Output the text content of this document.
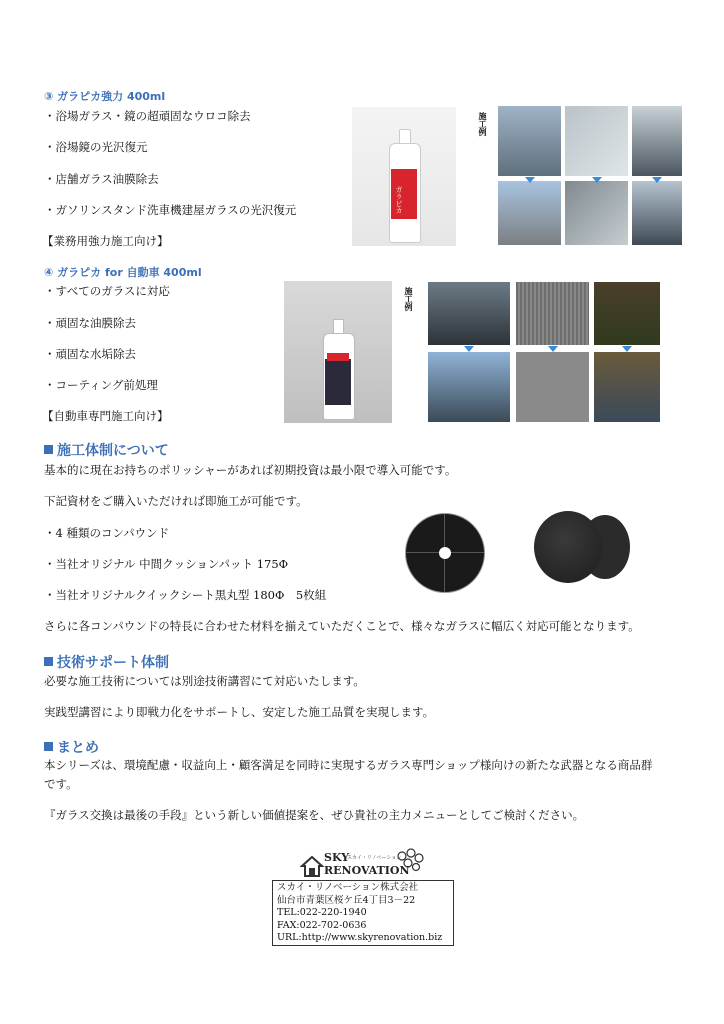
③ ガラピカ強力 400ml
・浴場ガラス・鏡の超頑固なウロコ除去
・浴場鏡の光沢復元
・店舗ガラス油膜除去
・ガソリンスタンド洗車機建屋ガラスの光沢復元
【業務用強力施工向け】
ガラピカ
施工例
④ ガラピカ for 自動車 400ml
・すべてのガラスに対応
・頑固な油膜除去
・頑固な水垢除去
・コーティング前処理
【自動車専門施工向け】
施工例
施工体制について
基本的に現在お持ちのポリッシャーがあれば初期投資は最小限で導入可能です。
下記資材をご購入いただければ即施工が可能です。
・4 種類のコンパウンド
・当社オリジナル 中間クッションパット 175Φ
・当社オリジナルクイックシート黒丸型 180Φ　5枚組
さらに各コンパウンドの特長に合わせた材料を揃えていただくことで、様々なガラスに幅広く対応可能となります。
技術サポート体制
必要な施工技術については別途技術講習にて対応いたします。
実践型講習により即戦力化をサポートし、安定した施工品質を実現します。
まとめ
本シリーズは、環境配慮・収益向上・顧客満足を同時に実現するガラス専門ショップ様向けの新たな武器となる商品群
です。
『ガラス交換は最後の手段』という新しい価値提案を、ぜひ貴社の主力メニューとしてご検討ください。
SKY
RENOVATION
スカイ・リノベーション
スカイ・リノベーション株式会社
仙台市青葉区桜ケ丘4丁目3－22
TEL:022-220-1940
FAX:022-702-0636
URL:http://www.skyrenovation.biz
